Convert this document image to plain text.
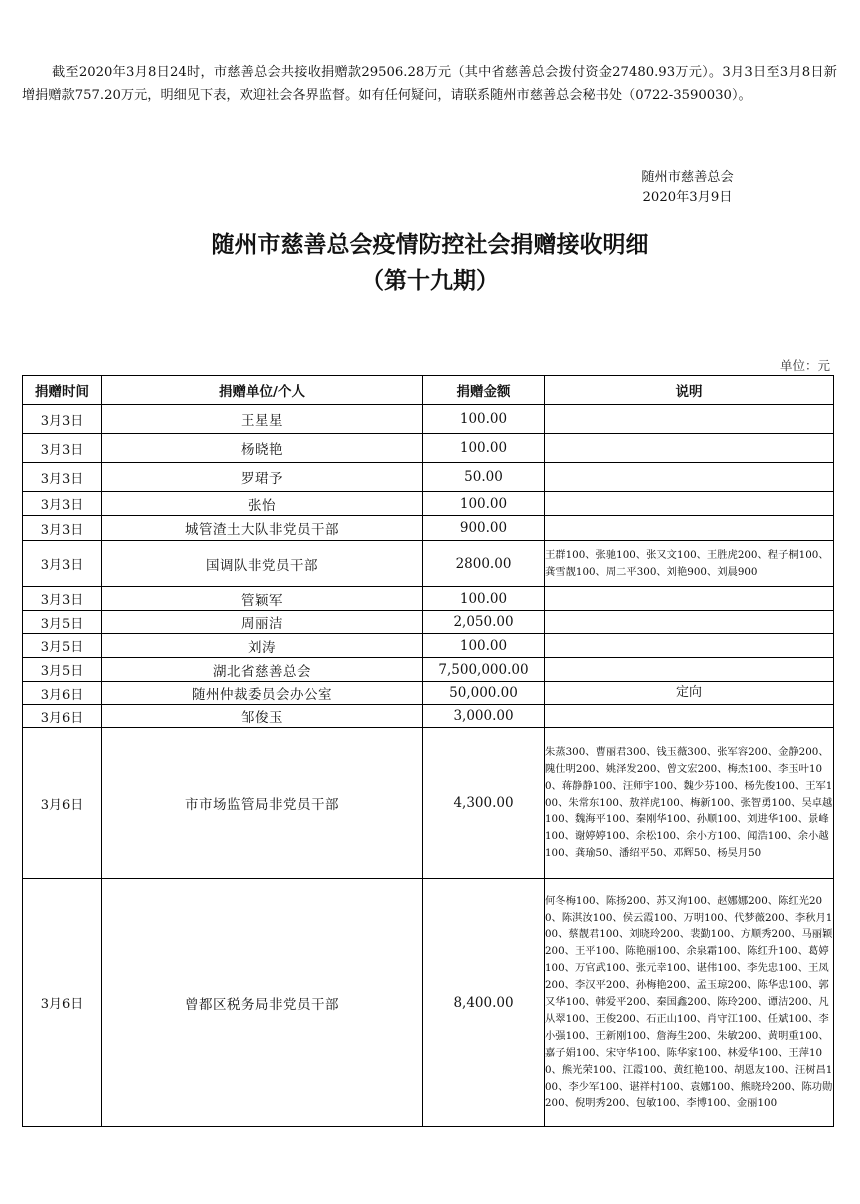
截至2020年3月8日24时，市慈善总会共接收捐赠款29506.28万元（其中省慈善总会拨付资金27480.93万元）。3月3日至3月8日新增捐赠款757.20万元，明细见下表，欢迎社会各界监督。如有任何疑问，请联系随州市慈善总会秘书处（0722-3590030）。

随州市慈善总会
2020年3月9日
随州市慈善总会疫情防控社会捐赠接收明细
（第十九期）
单位：元
捐赠时间	捐赠单位/个人	捐赠金额	说明
3月3日	王星星	100.00	
3月3日	杨晓艳	100.00	
3月3日	罗珺予	50.00	
3月3日	张怡	100.00	
3月3日	城管渣土大队非党员干部	900.00	
3月3日	国调队非党员干部	2800.00	王群100、张驰100、张又文100、王胜虎200、程子桐100、龚雪靓100、周二平300、刘艳900、刘晨900
3月3日	管颖军	100.00	
3月5日	周丽洁	2,050.00	
3月5日	刘涛	100.00	
3月5日	湖北省慈善总会	7,500,000.00	
3月6日	随州仲裁委员会办公室	50,000.00	定向
3月6日	邹俊玉	3,000.00	
3月6日	市市场监管局非党员干部	4,300.00	朱蒸300、曹丽君300、钱玉薇300、张军容200、金静200、隗仕明200、姚泽发200、曾文宏200、梅杰100、李玉叶100、蒋静静100、汪师宇100、魏少芬100、杨先俊100、王军100、朱常东100、敖祥虎100、梅新100、张智勇100、吴卓越100、魏海平100、秦刚华100、孙顺100、刘进华100、景峰100、谢婷婷100、余松100、余小方100、闻浩100、余小越100、龚瑜50、潘绍平50、邓辉50、杨昊月50
3月6日	曾都区税务局非党员干部	8,400.00	何冬梅100、陈扬200、苏又洵100、赵娜娜200、陈红光200、陈淇汝100、侯云霞100、万明100、代梦薇200、李秋月100、蔡靓君100、刘晓玲200、裴勤100、方顺秀200、马丽颖200、王平100、陈艳丽100、余泉霜100、陈红升100、葛婷100、万官武100、张元幸100、谌伟100、李先忠100、王凤200、李汉平200、孙梅艳200、孟玉琼200、陈华忠100、郭又华100、韩爱平200、秦国鑫200、陈玲200、谭洁200、凡从翠100、王俊200、石正山100、肖守江100、任斌100、李小强100、王新刚100、詹海生200、朱敏200、黄明重100、嘉子娟100、宋守华100、陈华家100、林爱华100、王萍100、熊光荣100、江霞100、黄红艳100、胡恩友100、汪树昌100、李少军100、谌祥村100、袁娜100、熊晓玲200、陈功勋200、倪明秀200、包敏100、李博100、金丽100
